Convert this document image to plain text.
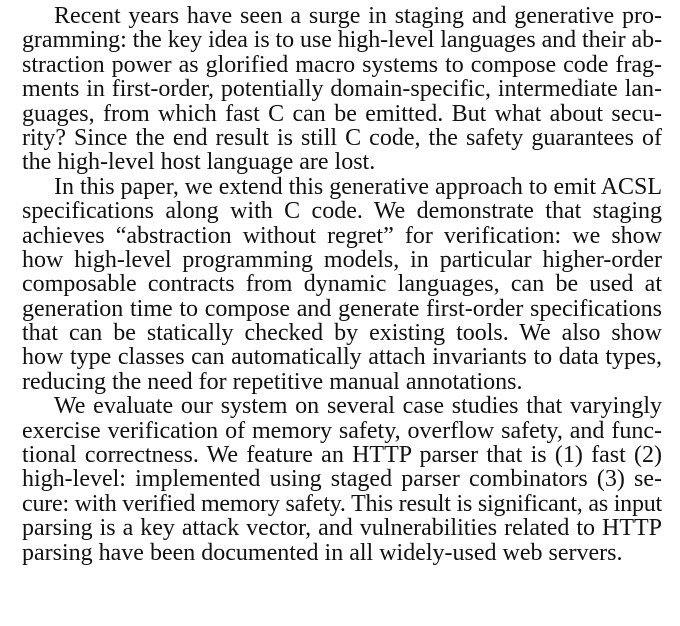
Recent years have seen a surge in staging and generative pro-
gramming: the key idea is to use high-level languages and their ab-
straction power as glorified macro systems to compose code frag-
ments in first-order, potentially domain-specific, intermediate lan-
guages, from which fast C can be emitted. But what about secu-
rity? Since the end result is still C code, the safety guarantees of
the high-level host language are lost.
In this paper, we extend this generative approach to emit ACSL
specifications along with C code. We demonstrate that staging
achieves “abstraction without regret” for verification: we show
how high-level programming models, in particular higher-order
composable contracts from dynamic languages, can be used at
generation time to compose and generate first-order specifications
that can be statically checked by existing tools. We also show
how type classes can automatically attach invariants to data types,
reducing the need for repetitive manual annotations.
We evaluate our system on several case studies that varyingly
exercise verification of memory safety, overflow safety, and func-
tional correctness. We feature an HTTP parser that is (1) fast (2)
high-level: implemented using staged parser combinators (3) se-
cure: with verified memory safety. This result is significant, as input
parsing is a key attack vector, and vulnerabilities related to HTTP
parsing have been documented in all widely-used web servers.
